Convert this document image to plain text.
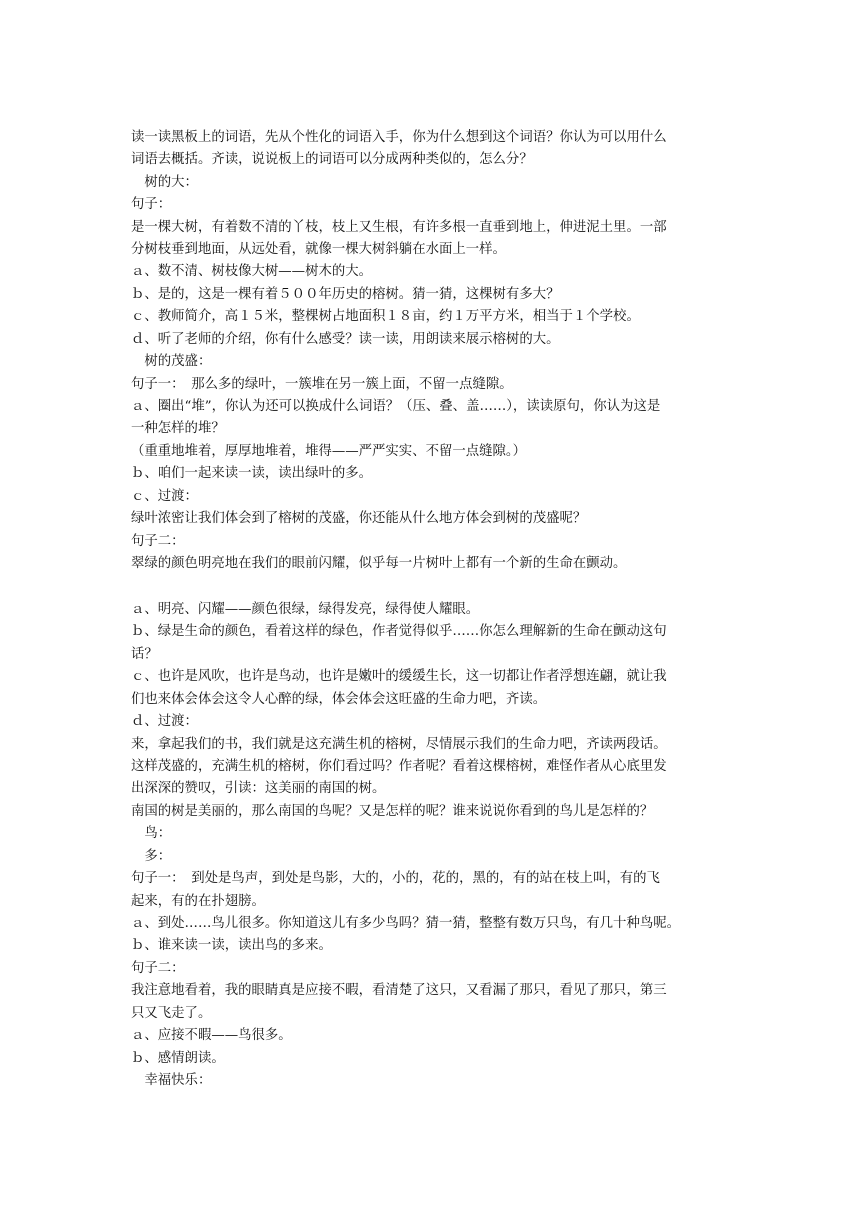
读一读黑板上的词语，先从个性化的词语入手，你为什么想到这个词语？你认为可以用什么
词语去概括。齐读，说说板上的词语可以分成两种类似的，怎么分？
　树的大：
句子：
是一棵大树，有着数不清的丫枝，枝上又生根，有许多根一直垂到地上，伸进泥土里。一部
分树枝垂到地面，从远处看，就像一棵大树斜躺在水面上一样。
ａ、数不清、树枝像大树——树木的大。
ｂ、是的，这是一棵有着５００年历史的榕树。猜一猜，这棵树有多大？
ｃ、教师简介，高１５米，整棵树占地面积１８亩，约１万平方米，相当于１个学校。
ｄ、听了老师的介绍，你有什么感受？读一读，用朗读来展示榕树的大。
　树的茂盛：
句子一：　那么多的绿叶，一簇堆在另一簇上面，不留一点缝隙。
ａ、圈出“堆”，你认为还可以换成什么词语？（压、叠、盖……），读读原句，你认为这是
一种怎样的堆？
（重重地堆着，厚厚地堆着，堆得——严严实实、不留一点缝隙。）
ｂ、咱们一起来读一读，读出绿叶的多。
ｃ、过渡：
绿叶浓密让我们体会到了榕树的茂盛，你还能从什么地方体会到树的茂盛呢？
句子二：
翠绿的颜色明亮地在我们的眼前闪耀，似乎每一片树叶上都有一个新的生命在颤动。
ａ、明亮、闪耀——颜色很绿，绿得发亮，绿得使人耀眼。
ｂ、绿是生命的颜色，看着这样的绿色，作者觉得似乎……你怎么理解新的生命在颤动这句
话？
ｃ、也许是风吹，也许是鸟动，也许是嫩叶的缓缓生长，这一切都让作者浮想连翩，就让我
们也来体会体会这令人心醉的绿，体会体会这旺盛的生命力吧，齐读。
ｄ、过渡：
来，拿起我们的书，我们就是这充满生机的榕树，尽情展示我们的生命力吧，齐读两段话。
这样茂盛的，充满生机的榕树，你们看过吗？作者呢？看着这棵榕树，难怪作者从心底里发
出深深的赞叹，引读：这美丽的南国的树。
南国的树是美丽的，那么南国的鸟呢？又是怎样的呢？谁来说说你看到的鸟儿是怎样的？
　鸟：
　多：
句子一：　到处是鸟声，到处是鸟影，大的，小的，花的，黑的，有的站在枝上叫，有的飞
起来，有的在扑翅膀。
ａ、到处……鸟儿很多。你知道这儿有多少鸟吗？猜一猜，整整有数万只鸟，有几十种鸟呢。
ｂ、谁来读一读，读出鸟的多来。
句子二：
我注意地看着，我的眼睛真是应接不暇，看清楚了这只，又看漏了那只，看见了那只，第三
只又飞走了。
ａ、应接不暇——鸟很多。
ｂ、感情朗读。
　幸福快乐：
